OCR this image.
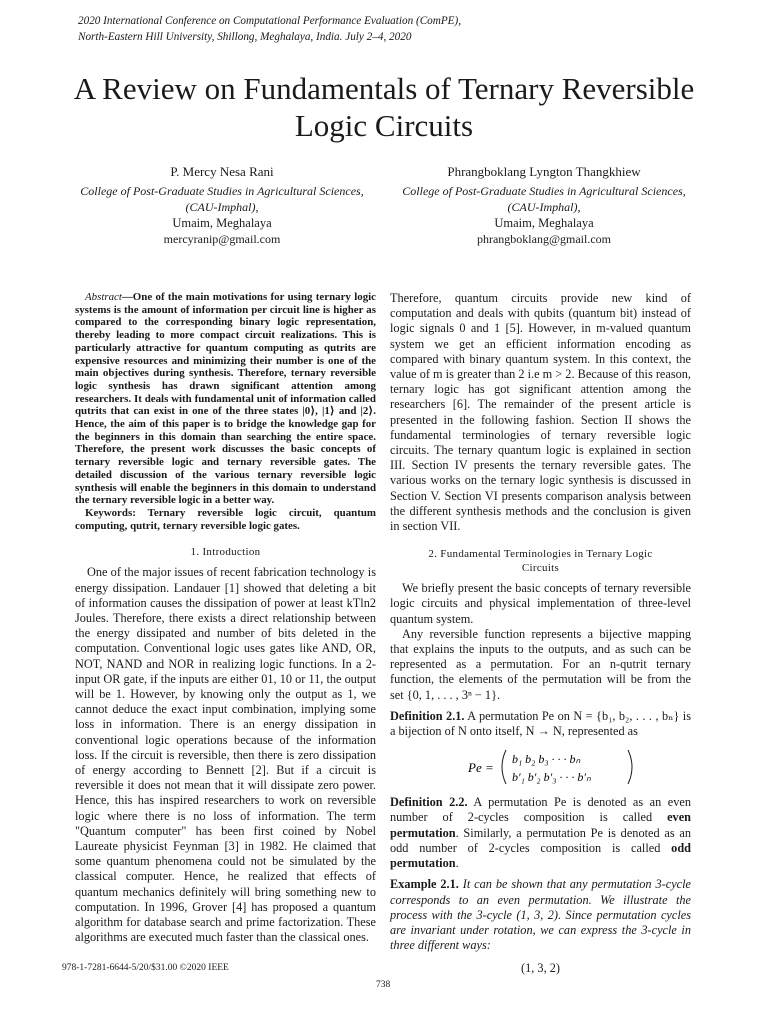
2020 International Conference on Computational Performance Evaluation (ComPE),
North-Eastern Hill University, Shillong, Meghalaya, India. July 2–4, 2020
A Review on Fundamentals of Ternary Reversible
Logic Circuits
P. Mercy Nesa Rani
College of Post-Graduate Studies in Agricultural Sciences,
(CAU-Imphal),
Umaim, Meghalaya
mercyranip@gmail.com
Phrangboklang Lyngton Thangkhiew
College of Post-Graduate Studies in Agricultural Sciences,
(CAU-Imphal),
Umaim, Meghalaya
phrangboklang@gmail.com

Abstract—One of the main motivations for using ternary logic systems is the amount of information per circuit line is higher as compared to the corresponding binary logic representation, thereby leading to more compact circuit realizations. This is particularly attractive for quantum computing as qutrits are expensive resources and minimizing their number is one of the main objectives during synthesis. Therefore, ternary reversible logic synthesis has drawn significant attention among researchers. It deals with fundamental unit of information called qutrits that can exist in one of the three states |0⟩, |1⟩ and |2⟩. Hence, the aim of this paper is to bridge the knowledge gap for the beginners in this domain than searching the entire space. Therefore, the present work discusses the basic concepts of ternary reversible logic and ternary reversible gates. The detailed discussion of the various ternary reversible logic synthesis will enable the beginners in this domain to understand the ternary reversible logic in a better way.

Keywords: Ternary reversible logic circuit, quantum computing, qutrit, ternary reversible logic gates.

1. Introduction

One of the major issues of recent fabrication technology is energy dissipation. Landauer [1] showed that deleting a bit of information causes the dissipation of power at least kTln2 Joules. Therefore, there exists a direct relationship between the energy dissipated and number of bits deleted in the computation. Conventional logic uses gates like AND, OR, NOT, NAND and NOR in realizing logic functions. In a 2-input OR gate, if the inputs are either 01, 10 or 11, the output will be 1. However, by knowing only the output as 1, we cannot deduce the exact input combination, implying some loss in information. There is an energy dissipation in conventional logic operations because of the information loss. If the circuit is reversible, then there is zero dissipation of energy according to Bennett [2]. But if a circuit is reversible it does not mean that it will dissipate zero power. Hence, this has inspired researchers to work on reversible logic where there is no loss of information. The term "Quantum computer" has been first coined by Nobel Laureate physicist Feynman [3] in 1982. He claimed that some quantum phenomena could not be simulated by the classical computer. Hence, he realized that effects of quantum mechanics definitely will bring something new to computation. In 1996, Grover [4] has proposed a quantum algorithm for database search and prime factorization. These algorithms are executed much faster than the classical ones.

Therefore, quantum circuits provide new kind of computation and deals with qubits (quantum bit) instead of logic signals 0 and 1 [5]. However, in m-valued quantum system we get an efficient information encoding as compared with binary quantum system. In this context, the value of m is greater than 2 i.e m > 2. Because of this reason, ternary logic has got significant attention among the researchers [6]. The remainder of the present article is presented in the following fashion. Section II shows the fundamental terminologies of ternary reversible logic circuits. The ternary quantum logic is explained in section III. Section IV presents the ternary reversible gates. The various works on the ternary logic synthesis is discussed in Section V. Section VI presents comparison analysis between the different synthesis methods and the conclusion is given in section VII.

2. Fundamental Terminologies in Ternary Logic
Circuits

We briefly present the basic concepts of ternary reversible logic circuits and physical implementation of three-level quantum system.

Any reversible function represents a bijective mapping that explains the inputs to the outputs, and as such can be represented as a permutation. For an n-qutrit ternary function, the elements of the permutation will be from the set {0, 1, . . . , 3ⁿ − 1}.

Definition 2.1. A permutation Pe on N = {b₁, b₂, . . . , bₙ} is a bijection of N onto itself, N → N, represented as
Pe =
b₁ b₂ b₃ · · · bₙ
b′₁ b′₂ b′₃ · · · b′ₙ
Definition 2.2. A permutation Pe is denoted as an even number of 2-cycles composition is called even permutation. Similarly, a permutation Pe is denoted as an odd number of 2-cycles composition is called odd permutation.
Example 2.1. It can be shown that any permutation 3-cycle corresponds to an even permutation. We illustrate the process with the 3-cycle (1, 3, 2). Since permutation cycles are invariant under rotation, we can express the 3-cycle in three different ways:
(1, 3, 2)
978-1-7281-6644-5/20/$31.00 ©2020 IEEE
738
